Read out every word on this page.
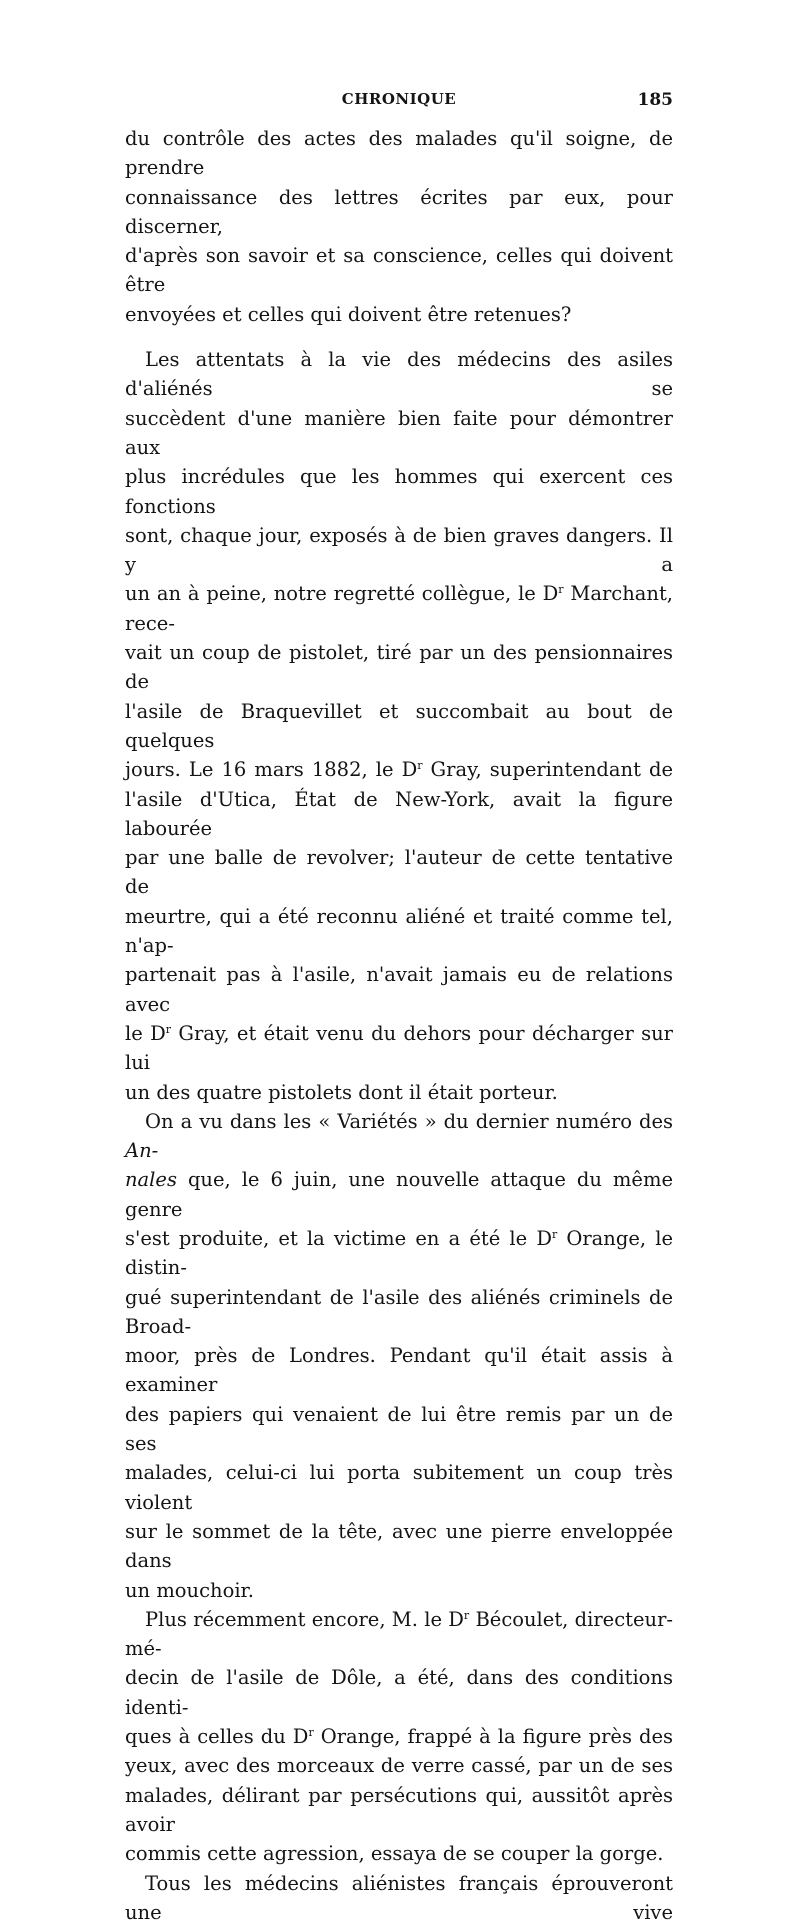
CHRONIQUE	185
du contrôle des actes des malades qu'il soigne, de prendre
connaissance des lettres écrites par eux, pour discerner,
d'après son savoir et sa conscience, celles qui doivent être
envoyées et celles qui doivent être retenues?
Les attentats à la vie des médecins des asiles d'aliénés se
succèdent d'une manière bien faite pour démontrer aux
plus incrédules que les hommes qui exercent ces fonctions
sont, chaque jour, exposés à de bien graves dangers. Il y a
un an à peine, notre regretté collègue, le $D^r$ Marchant, rece-
vait un coup de pistolet, tiré par un des pensionnaires de
l'asile de Braquevillet et succombait au bout de quelques
jours. Le 16 mars 1882, le $D^r$ Gray, superintendant de
l'asile d'Utica, État de New-York, avait la figure labourée
par une balle de revolver; l'auteur de cette tentative de
meurtre, qui a été reconnu aliéné et traité comme tel, n'ap-
partenait pas à l'asile, n'avait jamais eu de relations avec
le $D^r$ Gray, et était venu du dehors pour décharger sur lui
un des quatre pistolets dont il était porteur.
On a vu dans les « Variétés » du dernier numéro des An-
nales que, le 6 juin, une nouvelle attaque du même genre
s'est produite, et la victime en a été le $D^r$ Orange, le distin-
gué superintendant de l'asile des aliénés criminels de Broad-
moor, près de Londres. Pendant qu'il était assis à examiner
des papiers qui venaient de lui être remis par un de ses
malades, celui-ci lui porta subitement un coup très violent
sur le sommet de la tête, avec une pierre enveloppée dans
un mouchoir.
Plus récemment encore, M. le $D^r$ Bécoulet, directeur-mé-
decin de l'asile de Dôle, a été, dans des conditions identi-
ques à celles du $D^r$ Orange, frappé à la figure près des
yeux, avec des morceaux de verre cassé, par un de ses
malades, délirant par persécutions qui, aussitôt après avoir
commis cette agression, essaya de se couper la gorge.
Tous les médecins aliénistes français éprouveront une vive
